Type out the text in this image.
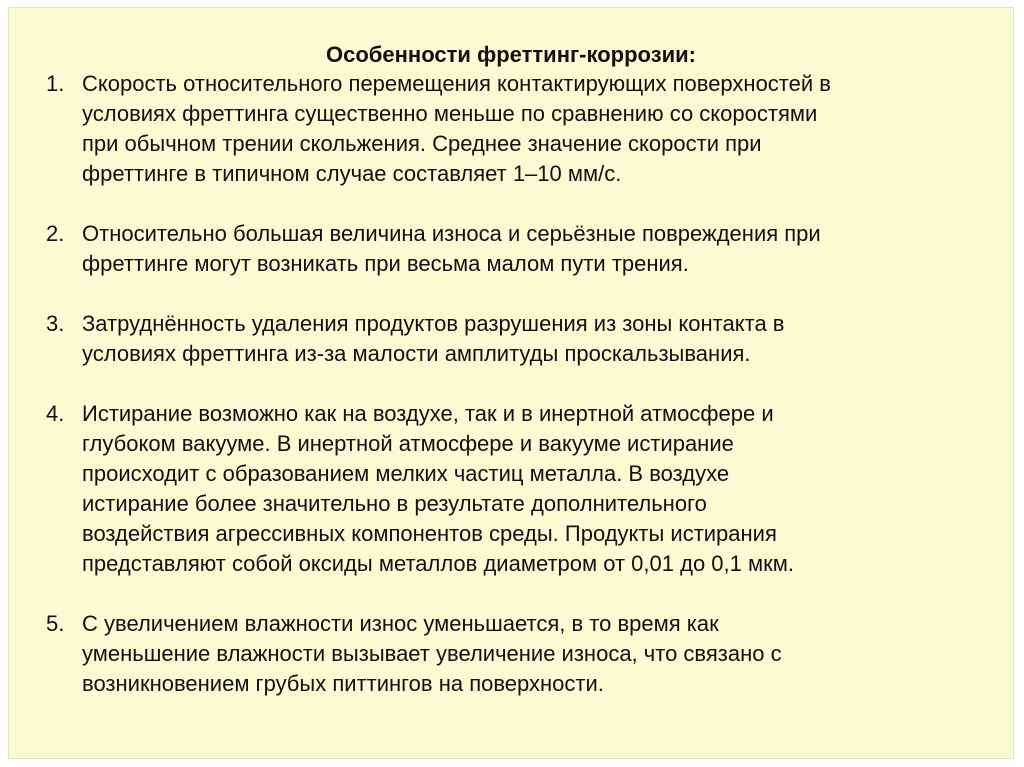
Особенности фреттинг-коррозии:
1. Скорость относительного перемещения контактирующих поверхностей в
условиях фреттинга существенно меньше по сравнению со скоростями
при обычном трении скольжения. Среднее значение скорости при
фреттинге в типичном случае составляет 1–10 мм/с.
2. Относительно большая величина износа и серьёзные повреждения при
фреттинге могут возникать при весьма малом пути трения.
3. Затруднённость удаления продуктов разрушения из зоны контакта в
условиях фреттинга из-за малости амплитуды проскальзывания.
4. Истирание возможно как на воздухе, так и в инертной атмосфере и
глубоком вакууме. В инертной атмосфере и вакууме истирание
происходит с образованием мелких частиц металла. В воздухе
истирание более значительно в результате дополнительного
воздействия агрессивных компонентов среды. Продукты истирания
представляют собой оксиды металлов диаметром от 0,01 до 0,1 мкм.
5. С увеличением влажности износ уменьшается, в то время как
уменьшение влажности вызывает увеличение износа, что связано с
возникновением грубых питтингов на поверхности.
